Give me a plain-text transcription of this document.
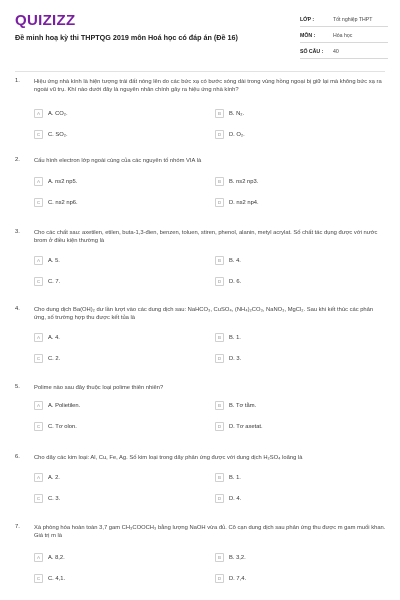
QUIZIZZ
Đề minh hoạ kỳ thi THPTQG 2019 môn Hoá học có đáp án (Đề 16)
LỚP :	Tốt nghiệp THPT
MÔN :	Hóa học
SỐ CÂU :	40
1. Hiệu ứng nhà kính là hiện tượng trái đất nóng lên do các bức xạ có bước sóng dài trong vùng hồng ngoại bị giữ lại mà không bức xạ ra ngoài vũ trụ. Khí nào dưới đây là nguyên nhân chính gây ra hiệu ứng nhà kính?
A	A. CO₂.	B	B. N₂.
C	C. SO₂.	D	D. O₂.
2. Cấu hình electron lớp ngoài cùng của các nguyên tố nhóm VIA là
A	A. ns2 np5.	B	B. ns2 np3.
C	C. ns2 np6.	D	D. ns2 np4.
3. Cho các chất sau: axetilen, etilen, buta-1,3-đien, benzen, toluen, stiren, phenol, alanin, metyl acrylat. Số chất tác dụng được với nước brom ở điều kiện thường là
A	A. 5.	B	B. 4.
C	C. 7.	D	D. 6.
4. Cho dung dịch Ba(OH)₂ dư lần lượt vào các dung dịch sau: NaHCO₃, CuSO₄, (NH₄)₂CO₃, NaNO₃, MgCl₂. Sau khi kết thúc các phản ứng, số trường hợp thu được kết tủa là
A	A. 4.	B	B. 1.
C	C. 2.	D	D. 3.
5. Polime nào sau đây thuộc loại polime thiên nhiên?
A	A. Polietilen.	B	B. Tơ tằm.
C	C. Tơ olon.	D	D. Tơ axetat.
6. Cho dãy các kim loại: Al, Cu, Fe, Ag. Số kim loại trong dãy phản ứng được với dung dịch H₂SO₄ loãng là
A	A. 2.	B	B. 1.
C	C. 3.	D	D. 4.
7. Xà phòng hóa hoàn toàn 3,7 gam CH₃COOCH₃ bằng lượng NaOH vừa đủ. Cô cạn dung dịch sau phản ứng thu được m gam muối khan. Giá trị m là
A	A. 8,2.	B	B. 3,2.
C	C. 4,1.	D	D. 7,4.
